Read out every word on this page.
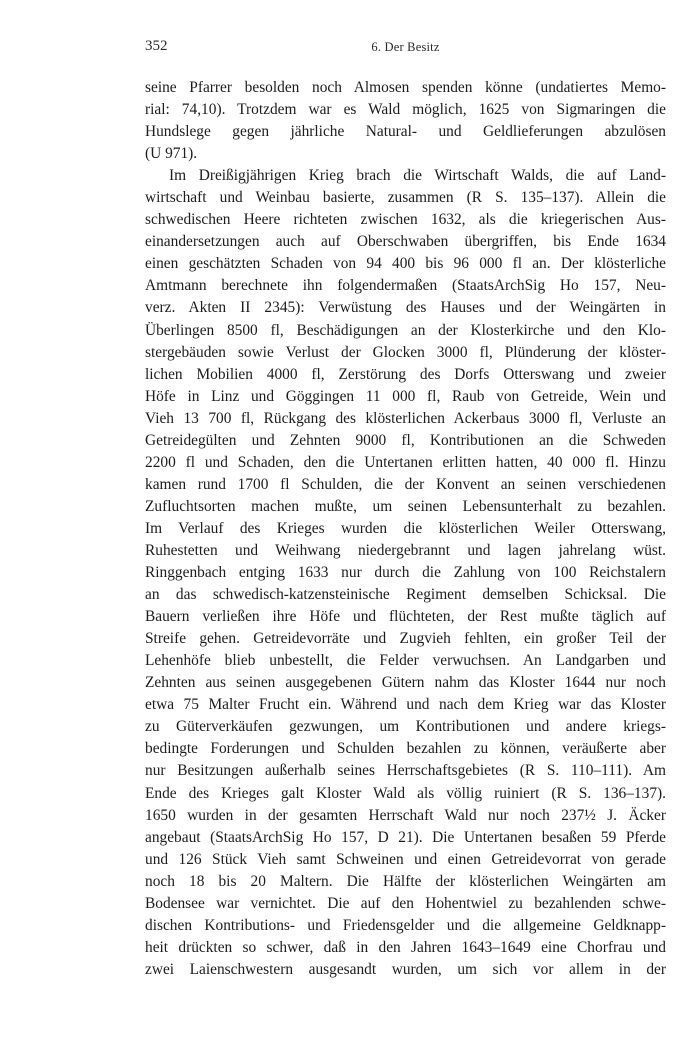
352	6. Der Besitz
seine Pfarrer besolden noch Almosen spenden könne (undatiertes Memo-
rial: 74,10). Trotzdem war es Wald möglich, 1625 von Sigmaringen die
Hundslege gegen jährliche Natural- und Geldlieferungen abzulösen
(U 971).
Im Dreißigjährigen Krieg brach die Wirtschaft Walds, die auf Land-
wirtschaft und Weinbau basierte, zusammen (R S. 135–137). Allein die
schwedischen Heere richteten zwischen 1632, als die kriegerischen Aus-
einandersetzungen auch auf Oberschwaben übergriffen, bis Ende 1634
einen geschätzten Schaden von 94 400 bis 96 000 fl an. Der klösterliche
Amtmann berechnete ihn folgendermaßen (StaatsArchSig Ho 157, Neu-
verz. Akten II 2345): Verwüstung des Hauses und der Weingärten in
Überlingen 8500 fl, Beschädigungen an der Klosterkirche und den Klo-
stergebäuden sowie Verlust der Glocken 3000 fl, Plünderung der klöster-
lichen Mobilien 4000 fl, Zerstörung des Dorfs Otterswang und zweier
Höfe in Linz und Göggingen 11 000 fl, Raub von Getreide, Wein und
Vieh 13 700 fl, Rückgang des klösterlichen Ackerbaus 3000 fl, Verluste an
Getreidegülten und Zehnten 9000 fl, Kontributionen an die Schweden
2200 fl und Schaden, den die Untertanen erlitten hatten, 40 000 fl. Hinzu
kamen rund 1700 fl Schulden, die der Konvent an seinen verschiedenen
Zufluchtsorten machen mußte, um seinen Lebensunterhalt zu bezahlen.
Im Verlauf des Krieges wurden die klösterlichen Weiler Otterswang,
Ruhestetten und Weihwang niedergebrannt und lagen jahrelang wüst.
Ringgenbach entging 1633 nur durch die Zahlung von 100 Reichstalern
an das schwedisch-katzensteinische Regiment demselben Schicksal. Die
Bauern verließen ihre Höfe und flüchteten, der Rest mußte täglich auf
Streife gehen. Getreidevorräte und Zugvieh fehlten, ein großer Teil der
Lehenhöfe blieb unbestellt, die Felder verwuchsen. An Landgarben und
Zehnten aus seinen ausgegebenen Gütern nahm das Kloster 1644 nur noch
etwa 75 Malter Frucht ein. Während und nach dem Krieg war das Kloster
zu Güterverkäufen gezwungen, um Kontributionen und andere kriegs-
bedingte Forderungen und Schulden bezahlen zu können, veräußerte aber
nur Besitzungen außerhalb seines Herrschaftsgebietes (R S. 110–111). Am
Ende des Krieges galt Kloster Wald als völlig ruiniert (R S. 136–137).
1650 wurden in der gesamten Herrschaft Wald nur noch 237½ J. Äcker
angebaut (StaatsArchSig Ho 157, D 21). Die Untertanen besaßen 59 Pferde
und 126 Stück Vieh samt Schweinen und einen Getreidevorrat von gerade
noch 18 bis 20 Maltern. Die Hälfte der klösterlichen Weingärten am
Bodensee war vernichtet. Die auf den Hohentwiel zu bezahlenden schwe-
dischen Kontributions- und Friedensgelder und die allgemeine Geldknapp-
heit drückten so schwer, daß in den Jahren 1643–1649 eine Chorfrau und
zwei Laienschwestern ausgesandt wurden, um sich vor allem in der
